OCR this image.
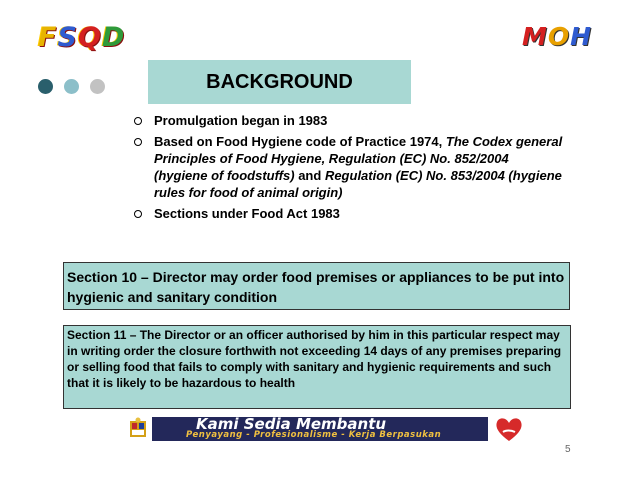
FSQD	MOH
BACKGROUND
Promulgation began in 1983
Based on Food Hygiene code of Practice 1974, The Codex general Principles of Food Hygiene, Regulation (EC) No. 852/2004 (hygiene of foodstuffs) and Regulation (EC) No. 853/2004 (hygiene rules for food of animal origin)
Sections under Food Act 1983
Section 10 – Director may order food premises or appliances to be put into hygienic and sanitary condition
Section 11 – The Director or an officer authorised by him in this particular respect may in writing order the closure forthwith not exceeding 14 days of any premises preparing or selling food that fails to comply with sanitary and hygienic requirements and such that it is likely to be hazardous to health
Kami Sedia Membantu
Penyayang - Profesionalisme - Kerja Berpasukan
5
